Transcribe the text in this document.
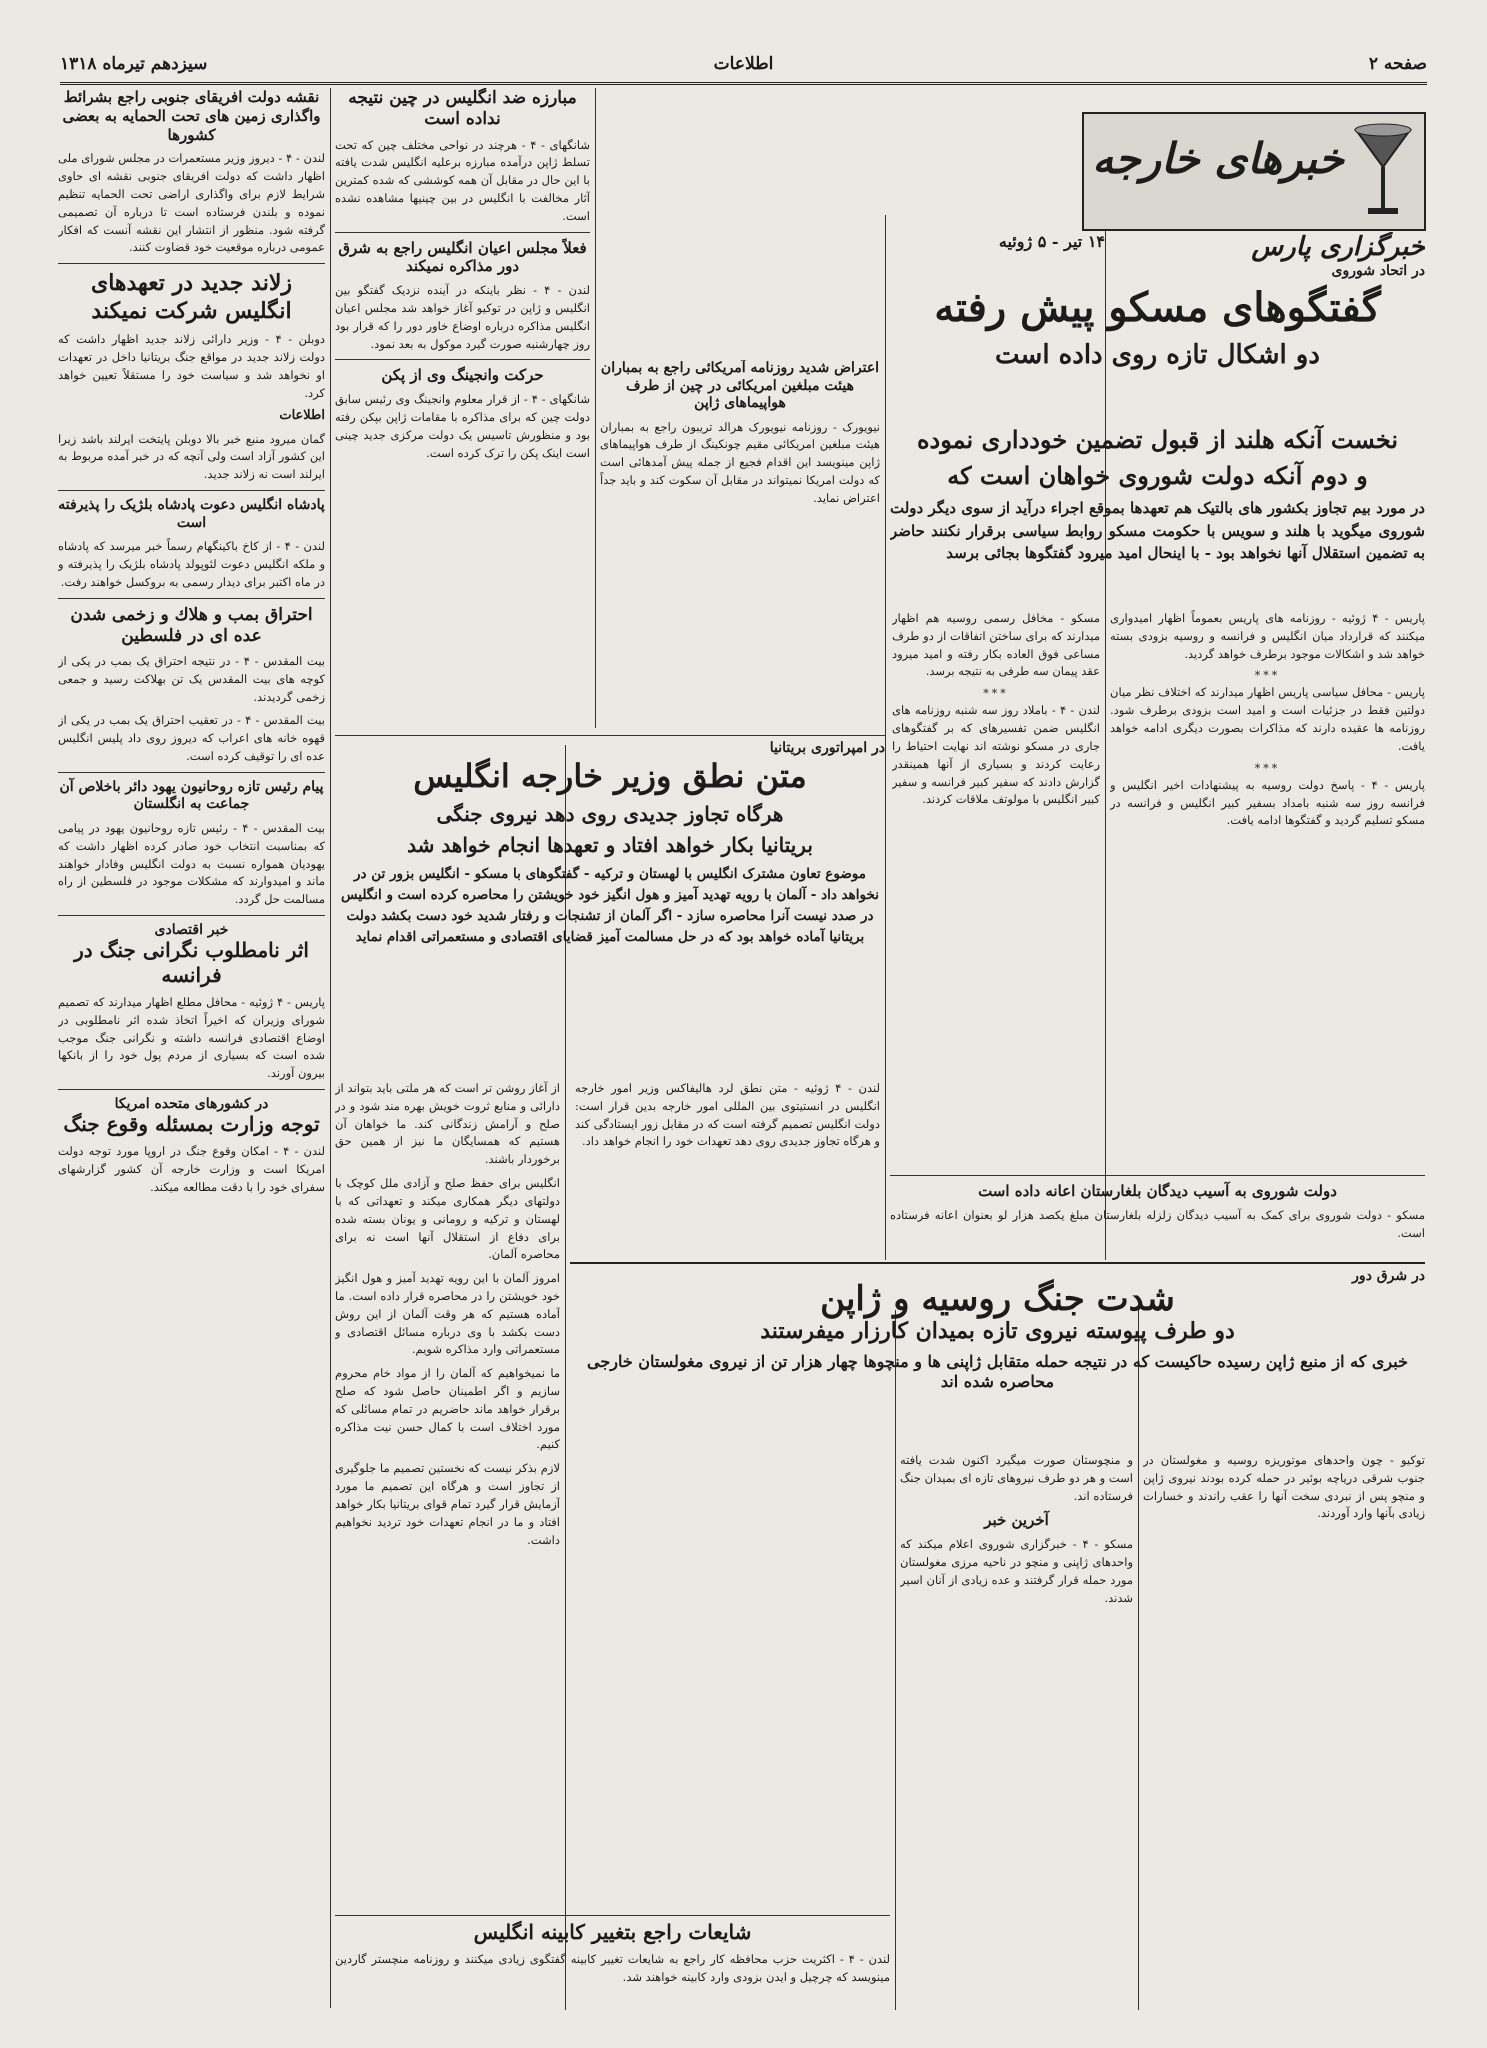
صفحه ۲
اطلاعات
سیزدهم تیرماه ۱۳۱۸
خبرهای خارجه
خبرگزاری پارس
۱۴ تیر - ۵ ژوئیه
در اتحاد شوروی
گفتگوهای مسکو پیش رفته
دو اشکال تازه روی داده است
نخست آنکه هلند از قبول تضمین خودداری نموده
و دوم آنکه دولت شوروی خواهان است که
در مورد بیم تجاوز بکشور های بالتیک هم تعهدها بموقع اجراء درآید از سوی دیگر دولت شوروی میگوید با هلند و سویس با حکومت مسکو روابط سیاسی برقرار نکنند حاضر به تضمین استقلال آنها نخواهد بود - با اینحال امید میرود گفتگوها بجائی برسد

پاریس - ۴ ژوئیه - روزنامه های پاریس بعموماً اظهار امیدواری میکنند که قرارداد میان انگلیس و فرانسه و روسیه بزودی بسته خواهد شد و اشکالات موجود برطرف خواهد گردید.

***

پاریس - محافل سیاسی پاریس اظهار میدارند که اختلاف نظر میان دولتین فقط در جزئیات است و امید است بزودی برطرف شود. روزنامه ها عقیده دارند که مذاکرات بصورت دیگری ادامه خواهد یافت.

***

پاریس - ۴ - پاسخ دولت روسیه به پیشنهادات اخیر انگلیس و فرانسه روز سه شنبه بامداد بسفیر کبیر انگلیس و فرانسه در مسکو تسلیم گردید و گفتگوها ادامه یافت.

مسکو - مخافل رسمی روسیه هم اظهار میدارند که برای ساختن اتفاقات از دو طرف مساعی فوق العاده بکار رفته و امید میرود عقد پیمان سه طرفی به نتیجه برسد.

***

لندن - ۴ - باملاد روز سه شنبه روزنامه های انگلیس ضمن تفسیرهای که بر گفتگوهای جاری در مسکو نوشته اند نهایت احتیاط را رعایت کردند و بسیاری از آنها همینقدر گزارش دادند که سفیر کبیر فرانسه و سفیر کبیر انگلیس با مولوتف ملاقات کردند.

دولت شوروی به آسیب دیدگان بلغارستان اعانه داده است

مسکو - دولت شوروی برای کمک به آسیب دیدگان زلزله بلغارستان مبلغ یکصد هزار لو بعنوان اعانه فرستاده است.

در شرق دور
شدت جنگ روسیه و ژاپن
دو طرف پیوسته نیروی تازه بمیدان کارزار میفرستند
خبری که از منبع ژاپن رسیده حاکیست که در نتیجه حمله متقابل ژاپنی ها و منچوها چهار هزار تن از نیروی مغولستان خارجی محاصره شده اند

توکیو - چون واحدهای موتوریزه روسیه و مغولستان در جنوب شرقی دریاچه بوئیر در حمله کرده بودند نیروی ژاپن و منچو پس از نبردی سخت آنها را عقب راندند و خسارات زیادی بآنها وارد آوردند.

و منچوستان صورت میگیرد اکنون شدت یافته است و هر دو طرف نیروهای تازه ای بمیدان جنگ فرستاده اند.

آخرین خبر

مسکو - ۴ - خبرگزاری شوروی اعلام میکند که واحدهای ژاپنی و منچو در ناحیه مرزی مغولستان مورد حمله قرار گرفتند و عده زیادی از آنان اسیر شدند.

مبارزه ضد انگلیس در چین نتیجه نداده است

شانگهای - ۴ - هرچند در نواحی مختلف چین که تحت تسلط ژاپن درآمده مبارزه برعلیه انگلیس شدت یافته با این حال در مقابل آن همه کوششی که شده کمترین آثار مخالفت با انگلیس در بین چینیها مشاهده نشده است.

فعلاً مجلس اعیان انگلیس راجع به شرق دور مذاکره نمیکند

لندن - ۴ - نظر باینکه در آینده نزدیک گفتگو بین انگلیس و ژاپن در توکیو آغاز خواهد شد مجلس اعیان انگلیس مذاکره درباره اوضاع خاور دور را که قرار بود روز چهارشنبه صورت گیرد موکول به بعد نمود.

حرکت وانجینگ وی از پکن

شانگهای - ۴ - از قرار معلوم وانجینگ وی رئیس سابق دولت چین که برای مذاکره با مقامات ژاپن بپکن رفته بود و منظورش تاسیس یک دولت مرکزی جدید چینی است اینک پکن را ترک کرده است.

اعتراض شدید روزنامه آمریکائی راجع به بمباران هیئت مبلغین امریکائی در چین از طرف هواپیماهای ژاپن

نیویورک - روزنامه نیویورک هرالد تریبون راجع به بمباران هیئت مبلغین امریکائی مقیم چونکینگ از طرف هواپیماهای ژاپن مینویسد این اقدام فجیع از جمله پیش آمدهائی است که دولت امریکا نمیتواند در مقابل آن سکوت کند و باید جداً اعتراض نماید.

در امپراتوری بریتانیا
متن نطق وزیر خارجه انگلیس
هرگاه تجاوز جدیدی روی دهد نیروی جنگی
بریتانیا بکار خواهد افتاد و تعهدها انجام خواهد شد

موضوع تعاون مشترک انگلیس با لهستان و ترکیه - گفتگوهای با مسکو - انگلیس بزور تن در نخواهد داد - آلمان با رویه تهدید آمیز و هول انگیز خود خویشتن را محاصره کرده است و انگلیس در صدد نیست آنرا محاصره سازد - اگر آلمان از تشنجات و رفتار شدید خود دست بکشد دولت بریتانیا آماده خواهد بود که در حل مسالمت آمیز قضایای اقتصادی و مستعمراتی اقدام نماید

لندن - ۴ ژوئیه - متن نطق لرد هالیفاکس وزیر امور خارجه انگلیس در انستیتوی بین المللی امور خارجه بدین قرار است: دولت انگلیس تصمیم گرفته است که در مقابل زور ایستادگی کند و هرگاه تجاوز جدیدی روی دهد تعهدات خود را انجام خواهد داد.

از آغاز روشن تر است که هر ملتی باید بتواند از دارائی و منابع ثروت خویش بهره مند شود و در صلح و آرامش زندگانی کند. ما خواهان آن هستیم که همسایگان ما نیز از همین حق برخوردار باشند.

انگلیس برای حفظ صلح و آزادی ملل کوچک با دولتهای دیگر همکاری میکند و تعهداتی که با لهستان و ترکیه و رومانی و یونان بسته شده برای دفاع از استقلال آنها است نه برای محاصره آلمان.

امروز آلمان با این رویه تهدید آمیز و هول انگیز خود خویشتن را در محاصره قرار داده است. ما آماده هستیم که هر وقت آلمان از این روش دست بکشد با وی درباره مسائل اقتصادی و مستعمراتی وارد مذاکره شویم.

ما نمیخواهیم که آلمان را از مواد خام محروم سازیم و اگر اطمینان حاصل شود که صلح برقرار خواهد ماند حاضریم در تمام مسائلی که مورد اختلاف است با کمال حسن نیت مذاکره کنیم.

لازم بذکر نیست که نخستین تصمیم ما جلوگیری از تجاوز است و هرگاه این تصمیم ما مورد آزمایش قرار گیرد تمام قوای بریتانیا بکار خواهد افتاد و ما در انجام تعهدات خود تردید نخواهیم داشت.

شایعات راجع بتغییر کابینه انگلیس

لندن - ۴ - اکثریت حزب محافظه کار راجع به شایعات تغییر کابینه گفتگوی زیادی میکنند و روزنامه منچستر گاردین مینویسد که چرچیل و ایدن بزودی وارد کابینه خواهند شد.

نقشه دولت افریقای جنوبی راجع بشرائط واگذاری زمین های تحت الحمایه به بعضی کشورها

لندن - ۴ - دیروز وزیر مستعمرات در مجلس شورای ملی اظهار داشت که دولت افریقای جنوبی نقشه ای حاوی شرایط لازم برای واگذاری اراضی تحت الحمایه تنظیم نموده و بلندن فرستاده است تا درباره آن تصمیمی گرفته شود. منظور از انتشار این نقشه آنست که افکار عمومی درباره موقعیت خود قضاوت کنند.

زلاند جدید در تعهدهای انگلیس شرکت نمیکند

دوبلن - ۴ - وزیر دارائی زلاند جدید اظهار داشت که دولت زلاند جدید در مواقع جنگ بریتانیا داخل در تعهدات او نخواهد شد و سیاست خود را مستقلاً تعیین خواهد کرد.

اطلاعات

گمان میرود منبع خبر بالا دوبلن پایتخت ایرلند باشد زیرا این کشور آزاد است ولی آنچه که در خبر آمده مربوط به ایرلند است نه زلاند جدید.

پادشاه انگلیس دعوت پادشاه بلژیک را پذیرفته است

لندن - ۴ - از کاخ باکینگهام رسماً خبر میرسد که پادشاه و ملکه انگلیس دعوت لئوپولد پادشاه بلژیک را پذیرفته و در ماه اکتبر برای دیدار رسمی به بروکسل خواهند رفت.

احتراق بمب و هلاك و زخمی شدن عده ای در فلسطین

بیت المقدس - ۴ - در نتیجه احتراق یک بمب در یکی از کوچه های بیت المقدس یک تن بهلاکت رسید و جمعی زخمی گردیدند.

بیت المقدس - ۴ - در تعقیب احتراق یک بمب در یکی از قهوه خانه های اعراب که دیروز روی داد پلیس انگلیس عده ای را توقیف کرده است.

پیام رئیس تازه روحانیون یهود دائر باخلاص آن جماعت به انگلستان

بیت المقدس - ۴ - رئیس تازه روحانیون یهود در پیامی که بمناسبت انتخاب خود صادر کرده اظهار داشت که یهودیان همواره نسبت به دولت انگلیس وفادار خواهند ماند و امیدوارند که مشکلات موجود در فلسطین از راه مسالمت حل گردد.

خبر اقتصادی
اثر نامطلوب نگرانی جنگ در فرانسه

پاریس - ۴ ژوئیه - محافل مطلع اظهار میدارند که تصمیم شورای وزیران که اخیراً اتخاذ شده اثر نامطلوبی در اوضاع اقتصادی فرانسه داشته و نگرانی جنگ موجب شده است که بسیاری از مردم پول خود را از بانکها بیرون آورند.

در کشورهای متحده امریکا
توجه وزارت بمسئله وقوع جنگ

لندن - ۴ - امکان وقوع جنگ در اروپا مورد توجه دولت امریکا است و وزارت خارجه آن کشور گزارشهای سفرای خود را با دقت مطالعه میکند.
